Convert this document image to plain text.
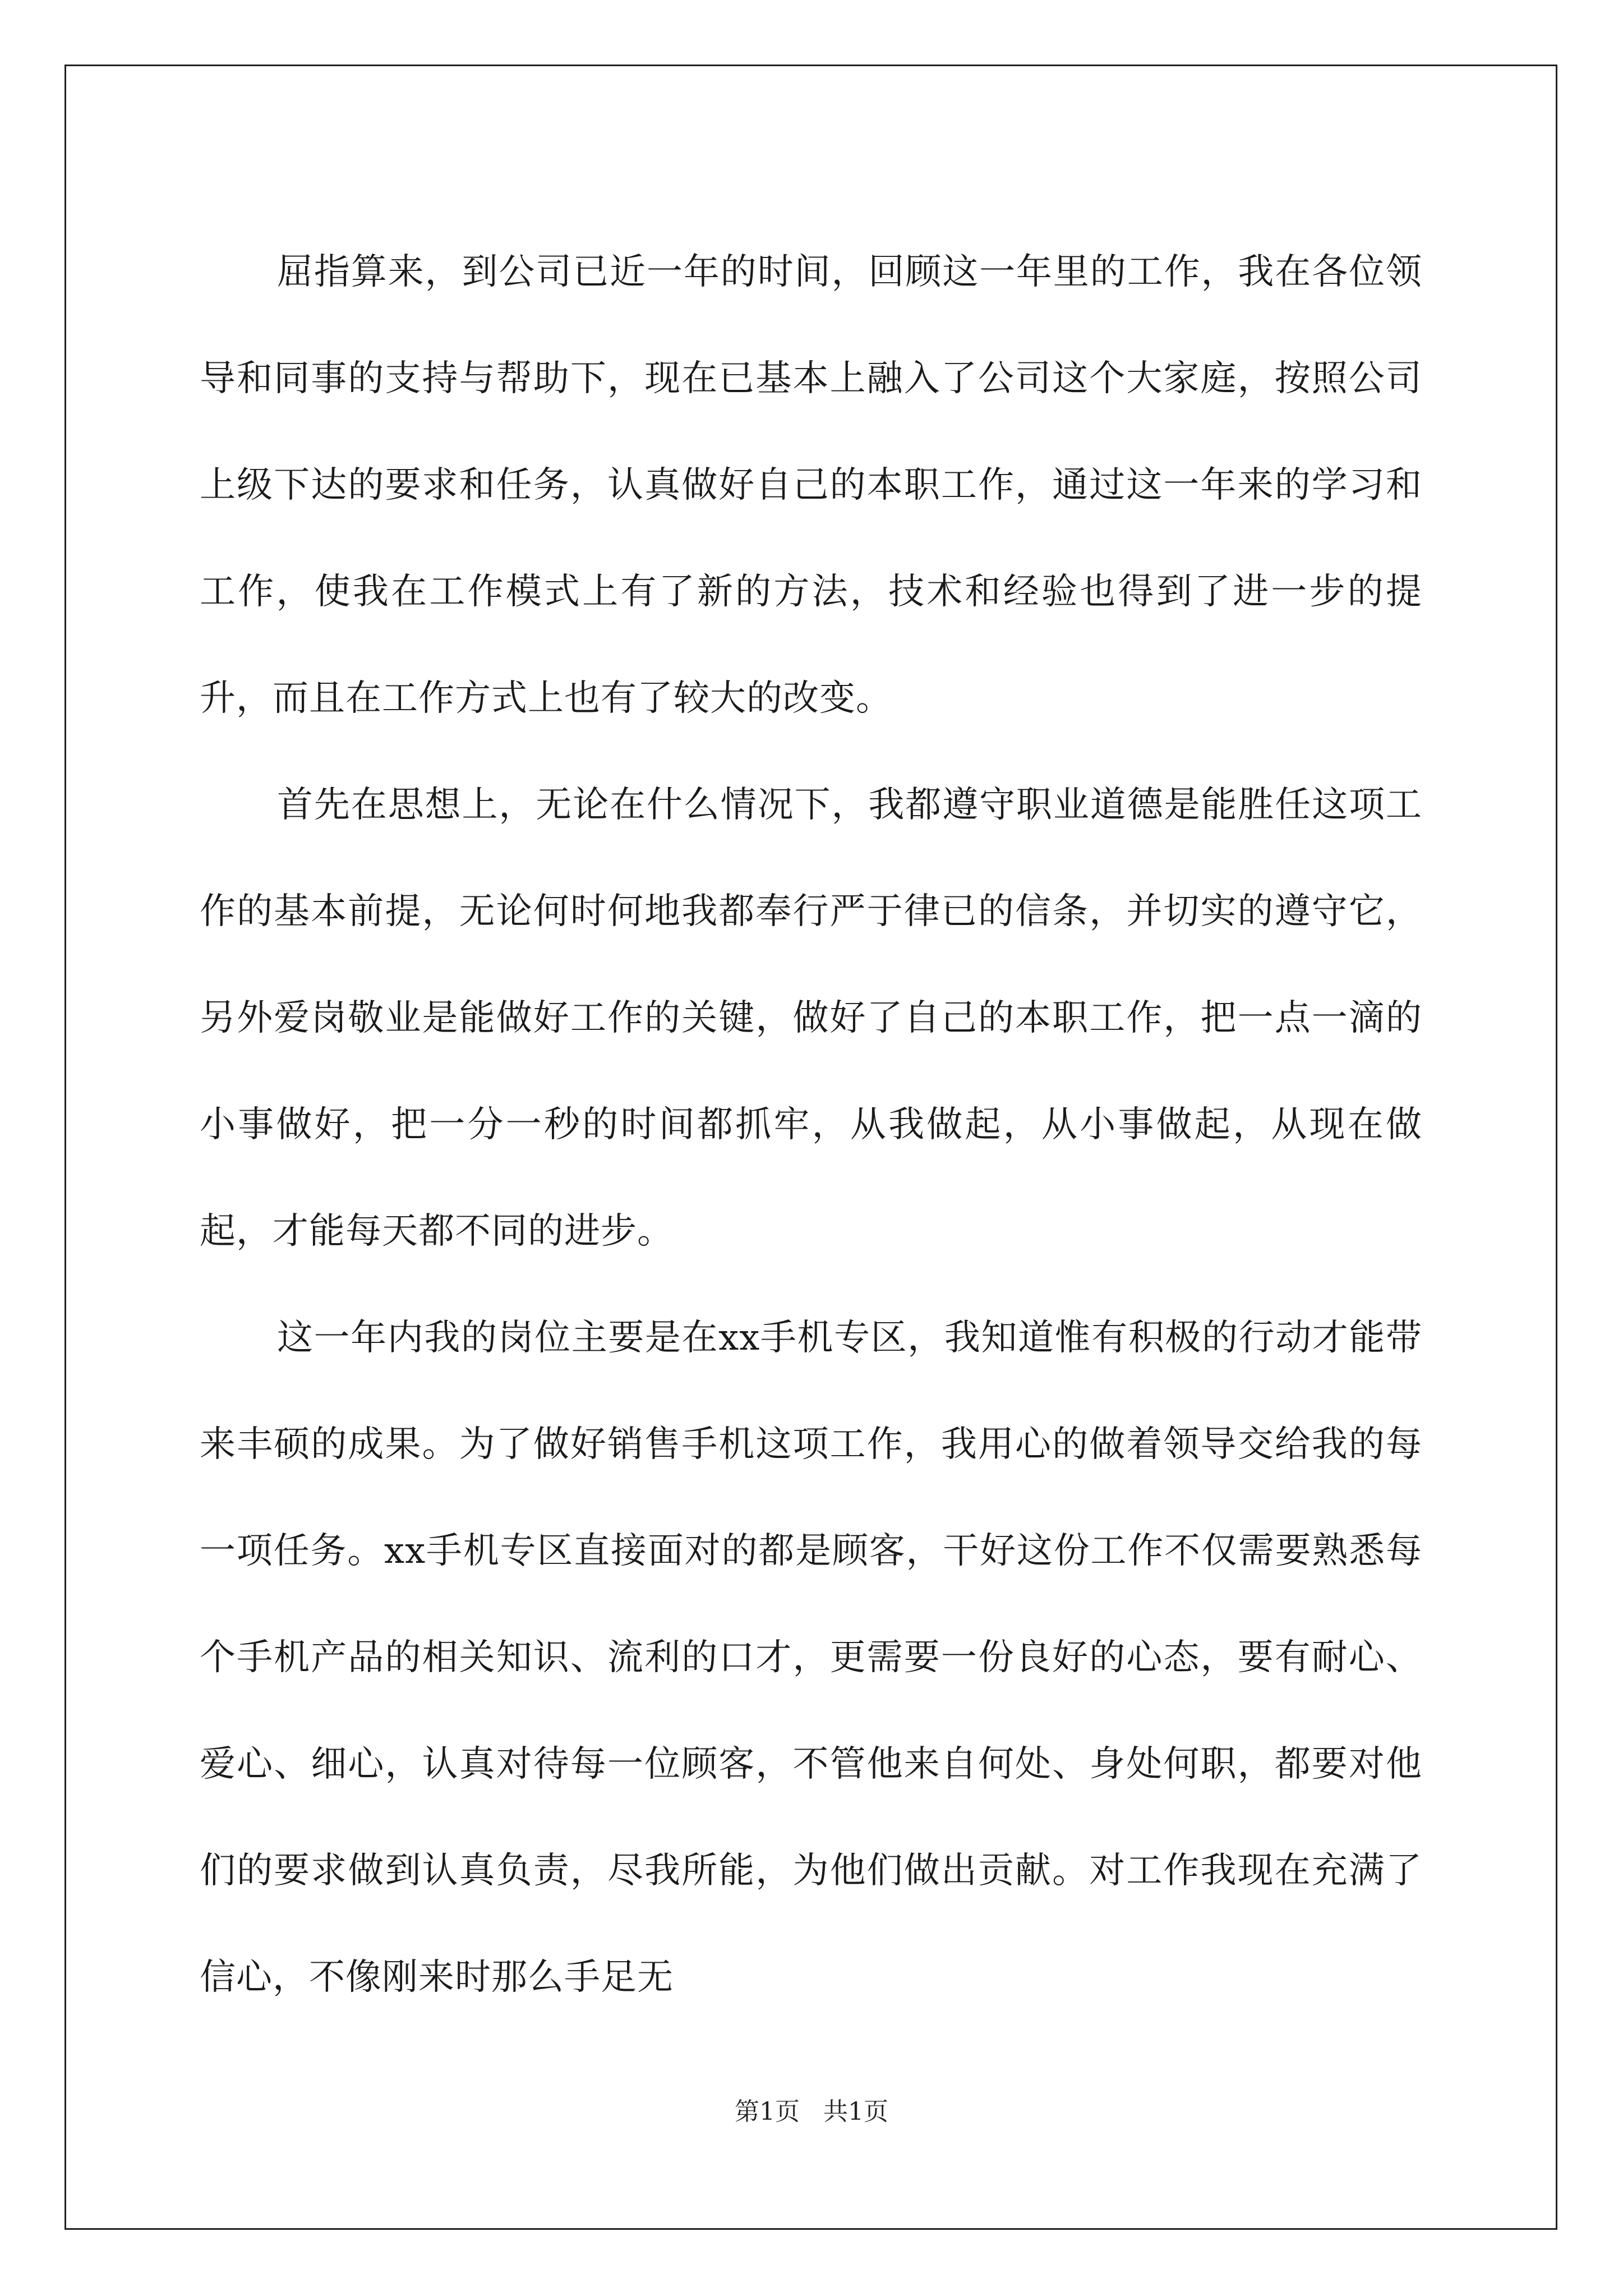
屈指算来，到公司已近一年的时间，回顾这一年里的工作，我在各位领导和同事的支持与帮助下，现在已基本上融入了公司这个大家庭，按照公司上级下达的要求和任务，认真做好自己的本职工作，通过这一年来的学习和工作，使我在工作模式上有了新的方法，技术和经验也得到了进一步的提升，而且在工作方式上也有了较大的改变。

首先在思想上，无论在什么情况下，我都遵守职业道德是能胜任这项工作的基本前提，无论何时何地我都奉行严于律已的信条，并切实的遵守它，另外爱岗敬业是能做好工作的关键，做好了自己的本职工作，把一点一滴的小事做好，把一分一秒的时间都抓牢，从我做起，从小事做起，从现在做起，才能每天都不同的进步。

这一年内我的岗位主要是在xx手机专区，我知道惟有积极的行动才能带来丰硕的成果。为了做好销售手机这项工作，我用心的做着领导交给我的每一项任务。xx手机专区直接面对的都是顾客，干好这份工作不仅需要熟悉每个手机产品的相关知识、流利的口才，更需要一份良好的心态，要有耐心、爱心、细心，认真对待每一位顾客，不管他来自何处、身处何职，都要对他们的要求做到认真负责，尽我所能，为他们做出贡献。对工作我现在充满了信心，不像刚来时那么手足无

第1页   共1页
